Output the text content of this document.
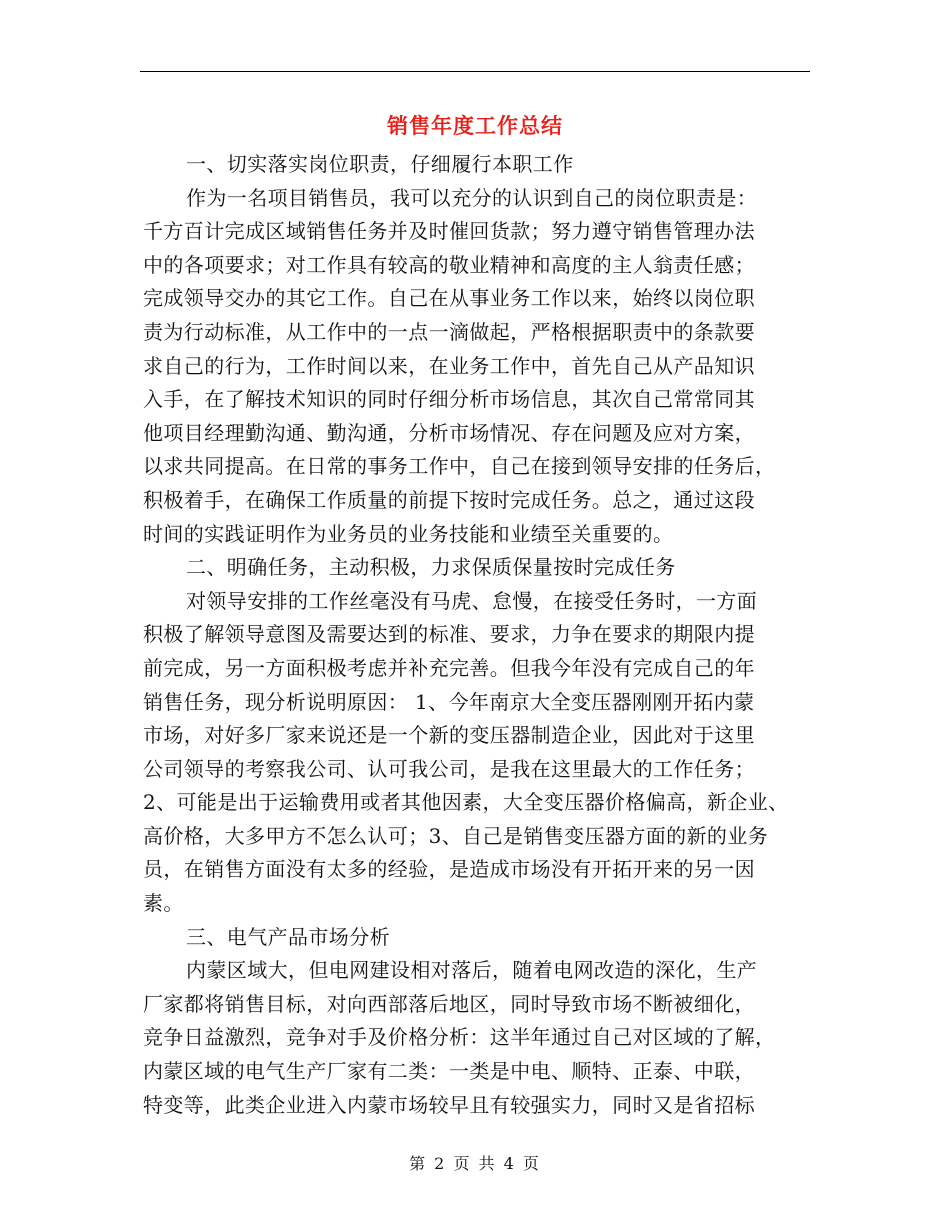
销售年度工作总结
一、切实落实岗位职责，仔细履行本职工作
作为一名项目销售员，我可以充分的认识到自己的岗位职责是：
千方百计完成区域销售任务并及时催回货款；努力遵守销售管理办法
中的各项要求；对工作具有较高的敬业精神和高度的主人翁责任感；
完成领导交办的其它工作。自己在从事业务工作以来，始终以岗位职
责为行动标准，从工作中的一点一滴做起，严格根据职责中的条款要
求自己的行为，工作时间以来，在业务工作中，首先自己从产品知识
入手，在了解技术知识的同时仔细分析市场信息，其次自己常常同其
他项目经理勤沟通、勤沟通，分析市场情况、存在问题及应对方案，
以求共同提高。在日常的事务工作中，自己在接到领导安排的任务后，
积极着手，在确保工作质量的前提下按时完成任务。总之，通过这段
时间的实践证明作为业务员的业务技能和业绩至关重要的。
二、明确任务，主动积极，力求保质保量按时完成任务
对领导安排的工作丝毫没有马虎、怠慢，在接受任务时，一方面
积极了解领导意图及需要达到的标准、要求，力争在要求的期限内提
前完成，另一方面积极考虑并补充完善。但我今年没有完成自己的年
销售任务，现分析说明原因： 1、今年南京大全变压器刚刚开拓内蒙
市场，对好多厂家来说还是一个新的变压器制造企业，因此对于这里
公司领导的考察我公司、认可我公司，是我在这里最大的工作任务；
2、可能是出于运输费用或者其他因素，大全变压器价格偏高，新企业、
高价格，大多甲方不怎么认可；3、自己是销售变压器方面的新的业务
员，在销售方面没有太多的经验，是造成市场没有开拓开来的另一因
素。
三、电气产品市场分析
内蒙区域大，但电网建设相对落后，随着电网改造的深化，生产
厂家都将销售目标，对向西部落后地区，同时导致市场不断被细化，
竞争日益激烈，竞争对手及价格分析：这半年通过自己对区域的了解，
内蒙区域的电气生产厂家有二类：一类是中电、顺特、正泰、中联，
特变等，此类企业进入内蒙市场较早且有较强实力，同时又是省招标
第 2 页 共 4 页
